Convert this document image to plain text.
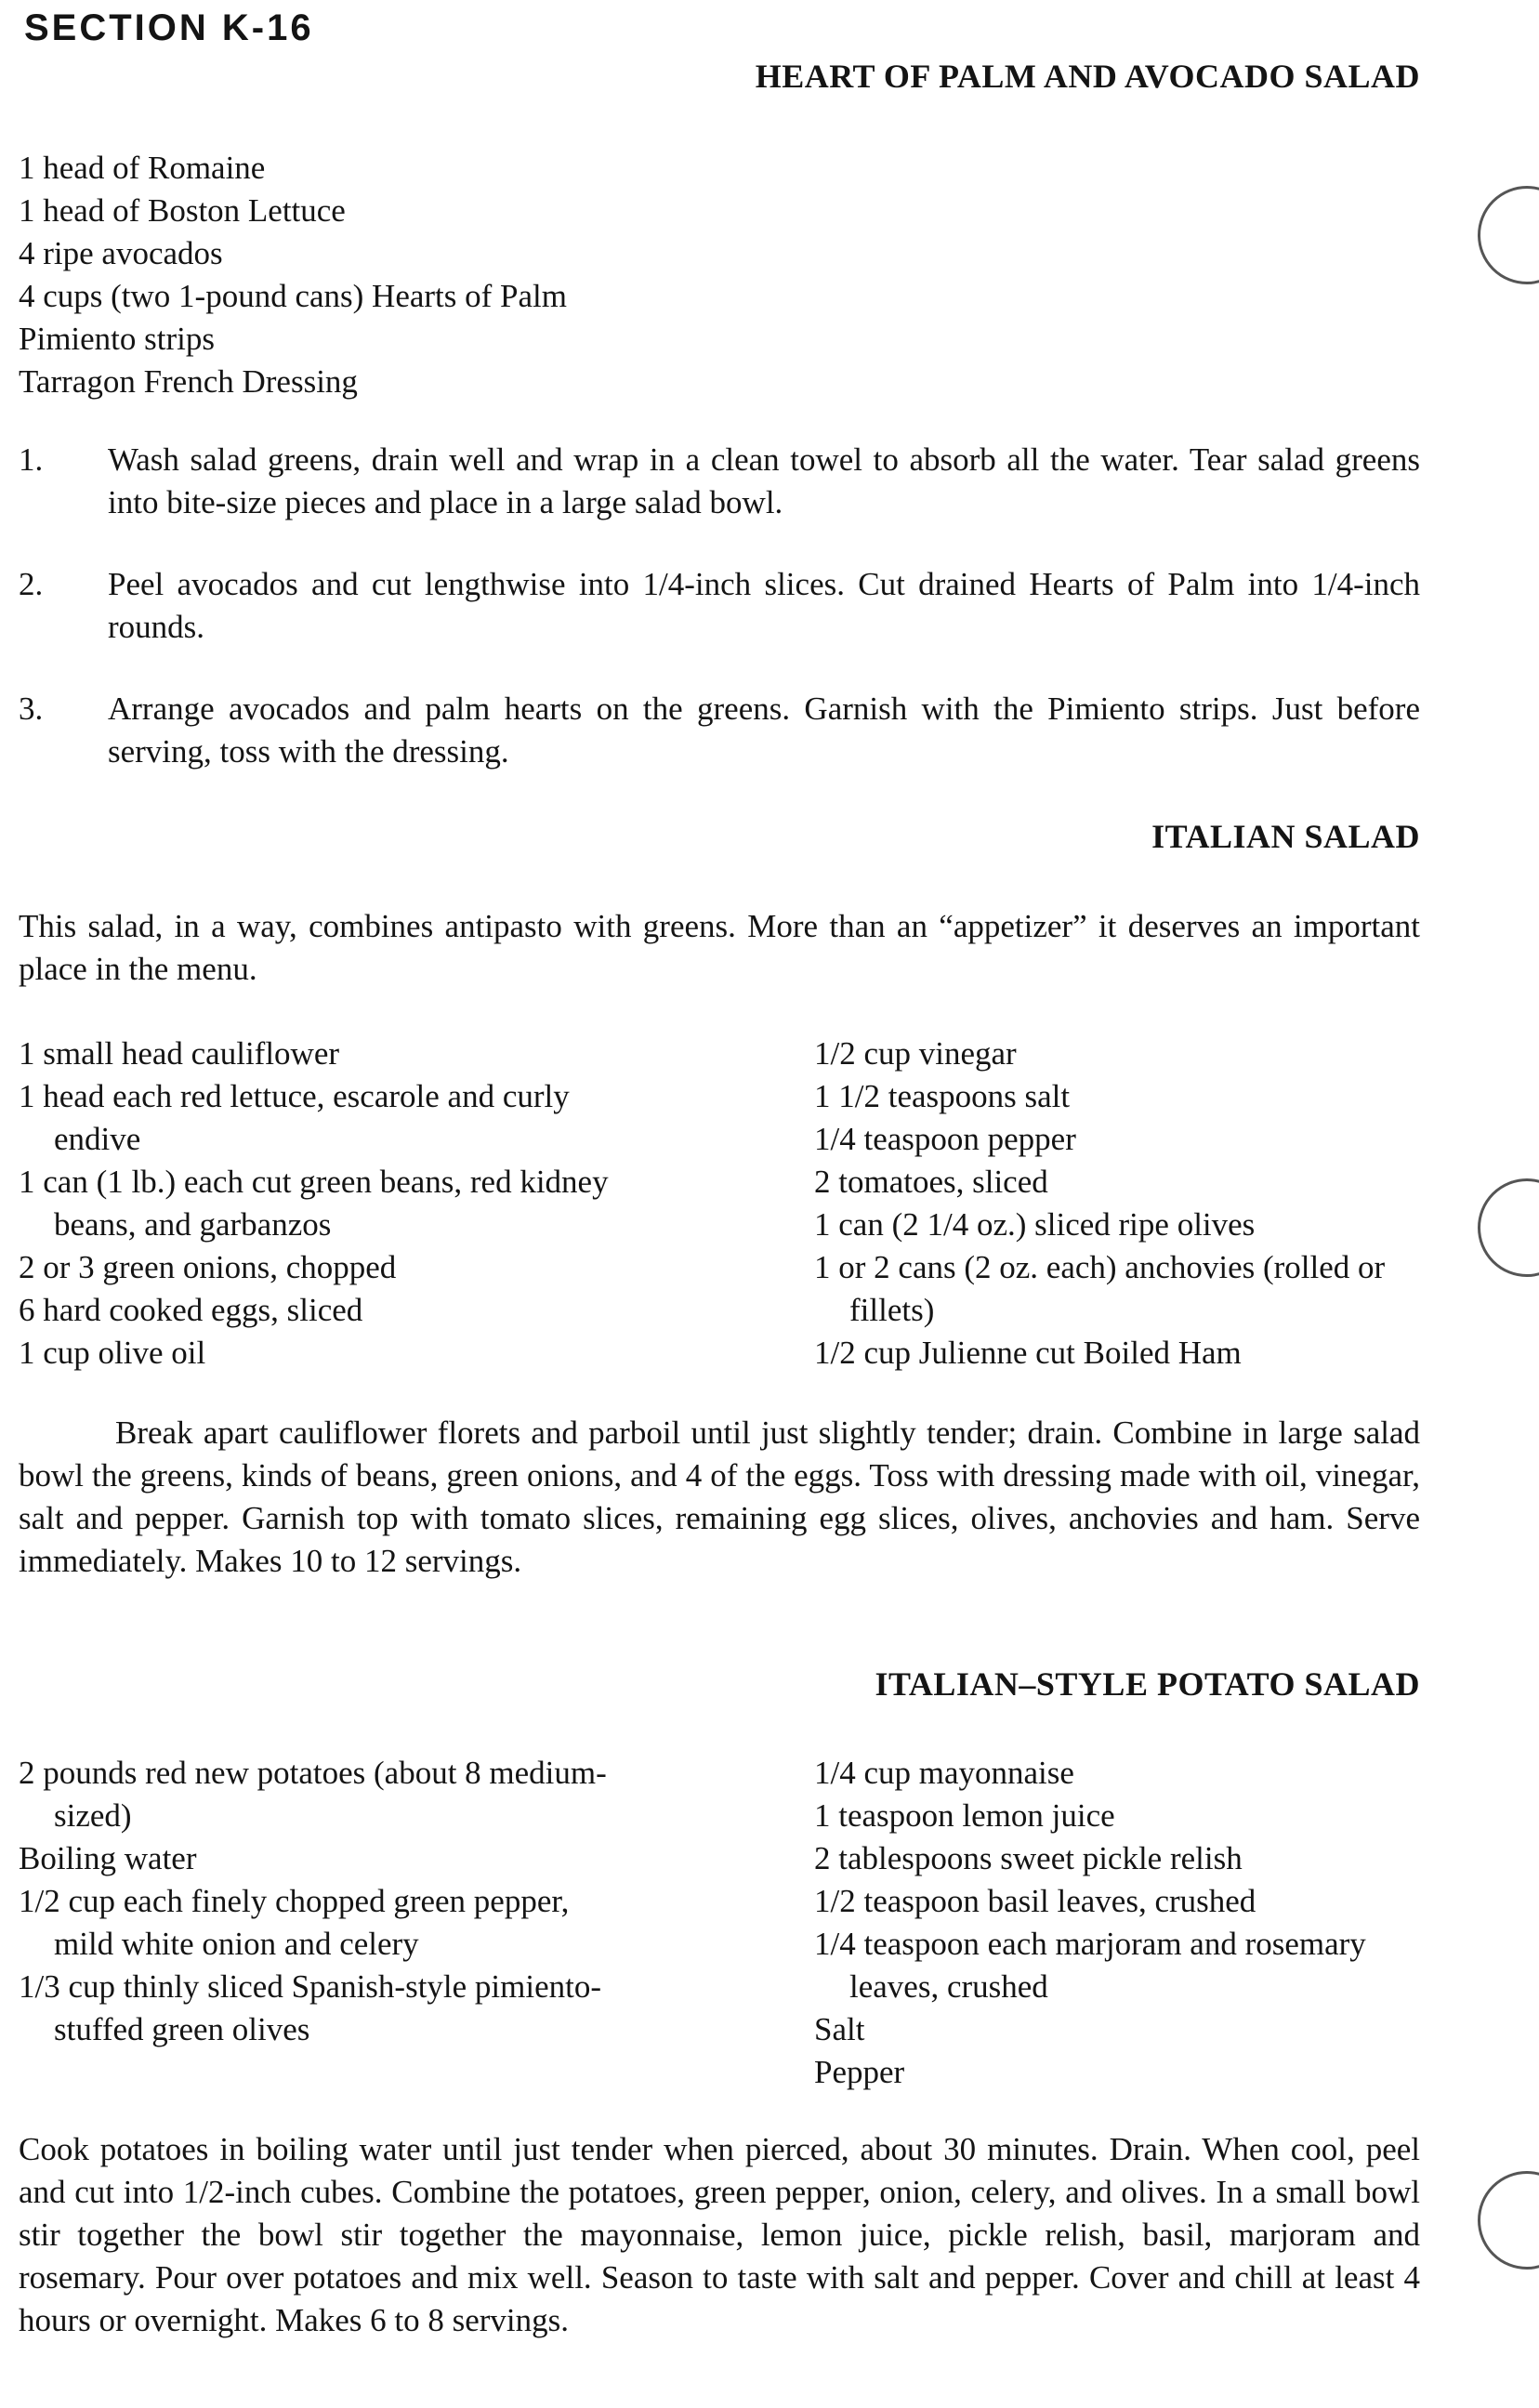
SECTION K-16
HEART OF PALM AND AVOCADO SALAD
1 head of Romaine
1 head of Boston Lettuce
4 ripe avocados
4 cups (two 1-pound cans) Hearts of Palm
Pimiento strips
Tarragon French Dressing
1. Wash salad greens, drain well and wrap in a clean towel to absorb all the water. Tear salad greens into bite-size pieces and place in a large salad bowl.
2. Peel avocados and cut lengthwise into 1/4-inch slices. Cut drained Hearts of Palm into 1/4-inch rounds.
3. Arrange avocados and palm hearts on the greens. Garnish with the Pimiento strips. Just before serving, toss with the dressing.
ITALIAN SALAD

This salad, in a way, combines antipasto with greens. More than an “appetizer” it deserves an important place in the menu.

1 small head cauliflower
1 head each red lettuce, escarole and curly endive
1 can (1 lb.) each cut green beans, red kidney beans, and garbanzos
2 or 3 green onions, chopped
6 hard cooked eggs, sliced
1 cup olive oil
1/2 cup vinegar
1 1/2 teaspoons salt
1/4 teaspoon pepper
2 tomatoes, sliced
1 can (2 1/4 oz.) sliced ripe olives
1 or 2 cans (2 oz. each) anchovies (rolled or fillets)
1/2 cup Julienne cut Boiled Ham

Break apart cauliflower florets and parboil until just slightly tender; drain. Combine in large salad bowl the greens, kinds of beans, green onions, and 4 of the eggs. Toss with dressing made with oil, vinegar, salt and pepper. Garnish top with tomato slices, remaining egg slices, olives, anchovies and ham. Serve immediately. Makes 10 to 12 servings.

ITALIAN–STYLE POTATO SALAD
2 pounds red new potatoes (about 8 medium-sized)
Boiling water
1/2 cup each finely chopped green pepper, mild white onion and celery
1/3 cup thinly sliced Spanish-style pimiento-stuffed green olives
1/4 cup mayonnaise
1 teaspoon lemon juice
2 tablespoons sweet pickle relish
1/2 teaspoon basil leaves, crushed
1/4 teaspoon each marjoram and rosemary leaves, crushed
Salt
Pepper

Cook potatoes in boiling water until just tender when pierced, about 30 minutes. Drain. When cool, peel and cut into 1/2-inch cubes. Combine the potatoes, green pepper, onion, celery, and olives. In a small bowl stir together the bowl stir together the mayonnaise, lemon juice, pickle relish, basil, marjoram and rosemary. Pour over potatoes and mix well. Season to taste with salt and pepper. Cover and chill at least 4 hours or overnight. Makes 6 to 8 servings.
